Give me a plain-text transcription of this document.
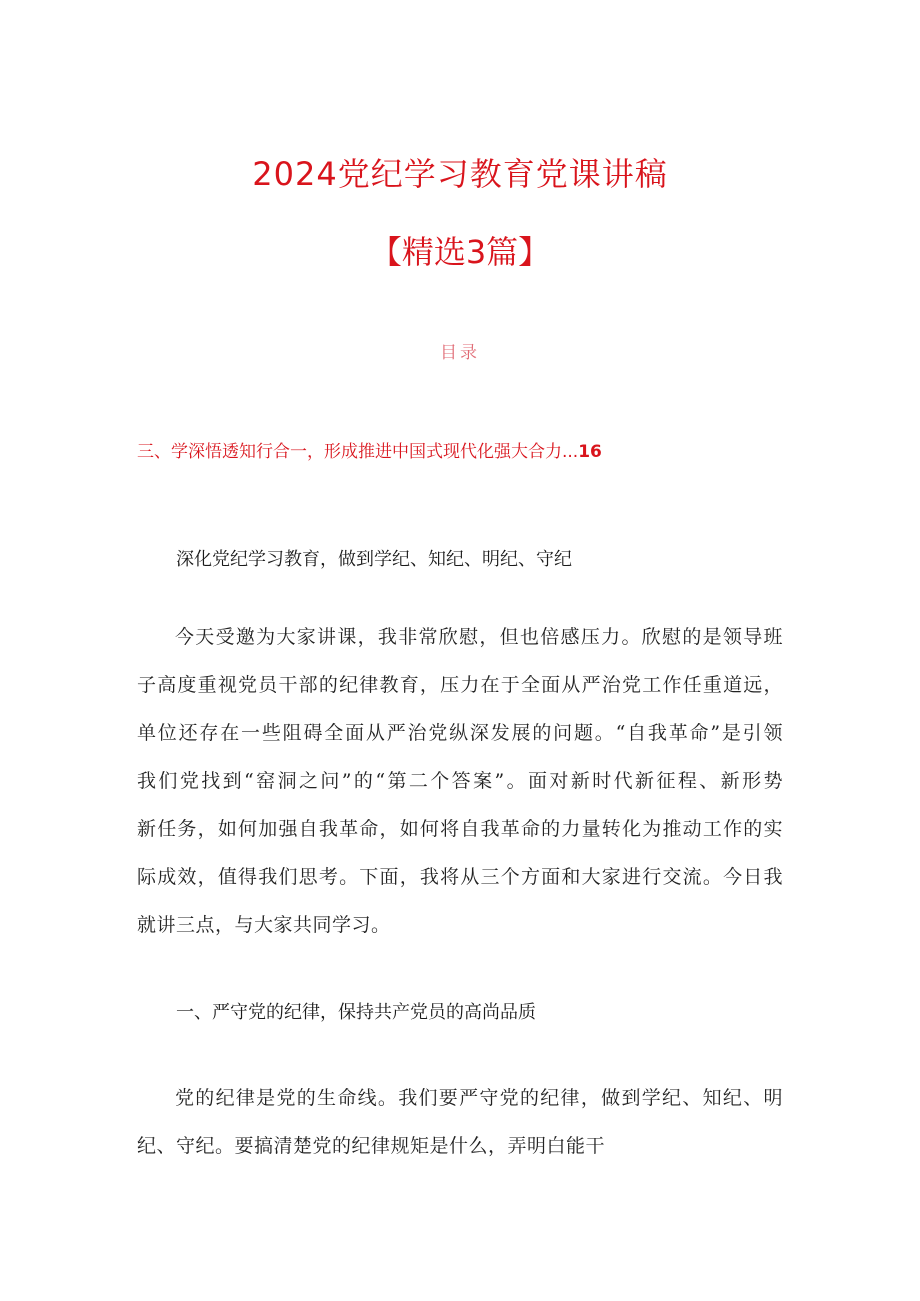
2024党纪学习教育党课讲稿
【精选3篇】
目录
三、学深悟透知行合一，形成推进中国式现代化强大合力...16
深化党纪学习教育，做到学纪、知纪、明纪、守纪
今天受邀为大家讲课，我非常欣慰，但也倍感压力。欣慰的是领导班
子高度重视党员干部的纪律教育，压力在于全面从严治党工作任重道远，
单位还存在一些阻碍全面从严治党纵深发展的问题。“自我革命”是引领
我们党找到“窑洞之问”的“第二个答案”。面对新时代新征程、新形势
新任务，如何加强自我革命，如何将自我革命的力量转化为推动工作的实
际成效，值得我们思考。下面，我将从三个方面和大家进行交流。今日我
就讲三点，与大家共同学习。
一、严守党的纪律，保持共产党员的高尚品质
党的纪律是党的生命线。我们要严守党的纪律，做到学纪、知纪、明
纪、守纪。要搞清楚党的纪律规矩是什么，弄明白能干
